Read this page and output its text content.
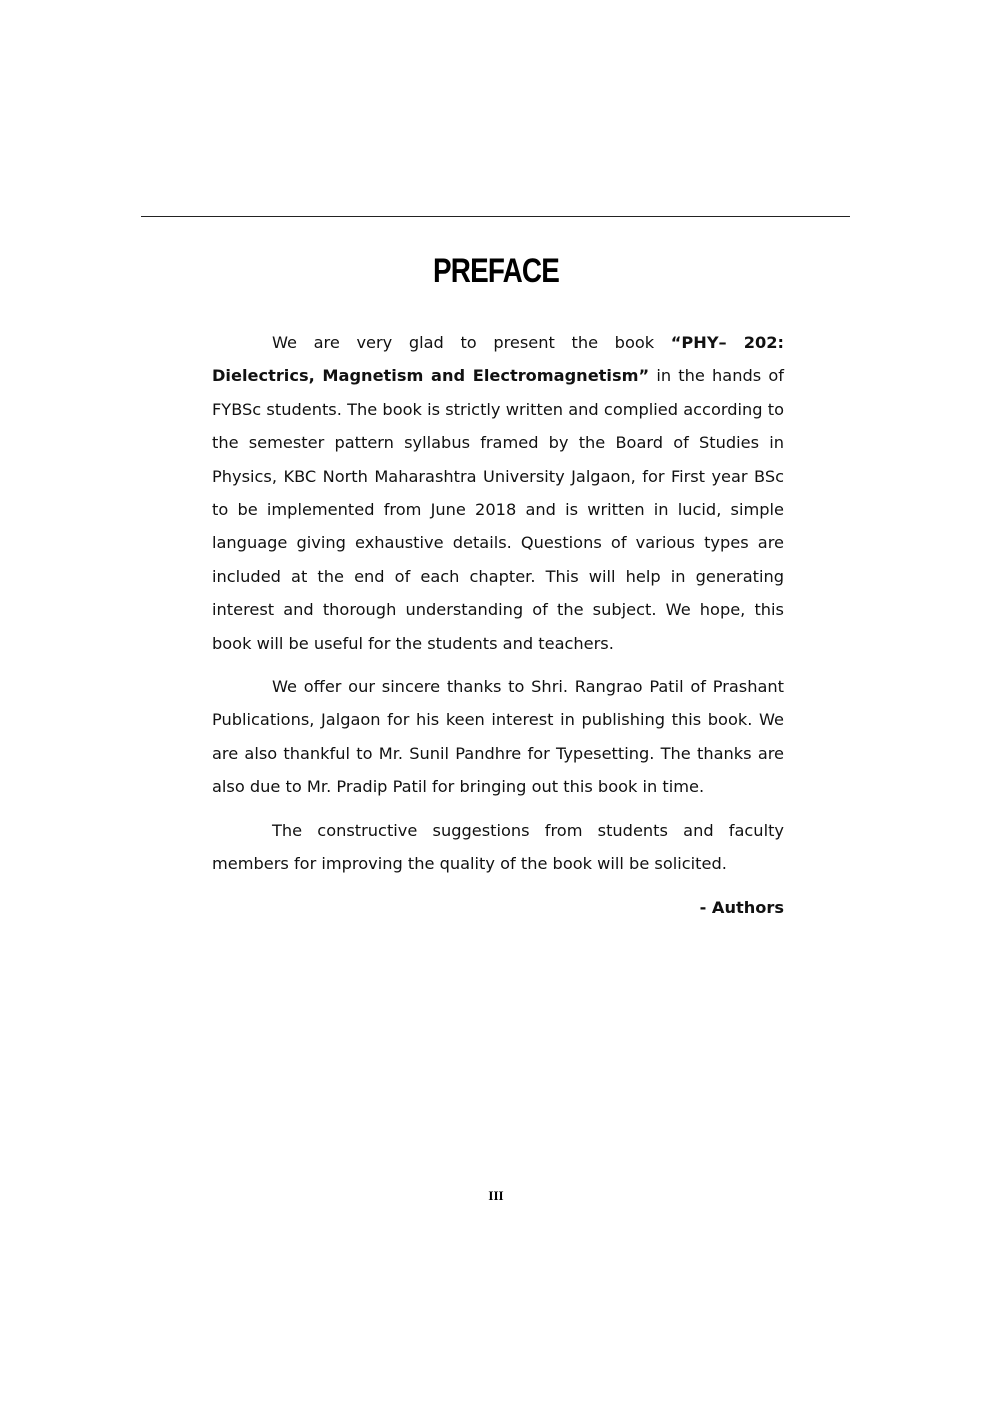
PREFACE

We are very glad to present the book “PHY– 202: Dielectrics, Magnetism and Electromagnetism” in the hands of FYBSc students. The book is strictly written and complied according to the semester pattern syllabus framed by the Board of Studies in Physics, KBC North Maharashtra University Jalgaon, for First year BSc to be implemented from June 2018 and is written in lucid, simple language giving exhaustive details. Questions of various types are included at the end of each chapter. This will help in generating interest and thorough understanding of the subject. We hope, this book will be useful for the students and teachers.

We offer our sincere thanks to Shri. Rangrao Patil of Prashant Publications, Jalgaon for his keen interest in publishing this book. We are also thankful to Mr. Sunil Pandhre for Typesetting. The thanks are also due to Mr. Pradip Patil for bringing out this book in time.

The constructive suggestions from students and faculty members for improving the quality of the book will be solicited.

- Authors
III
